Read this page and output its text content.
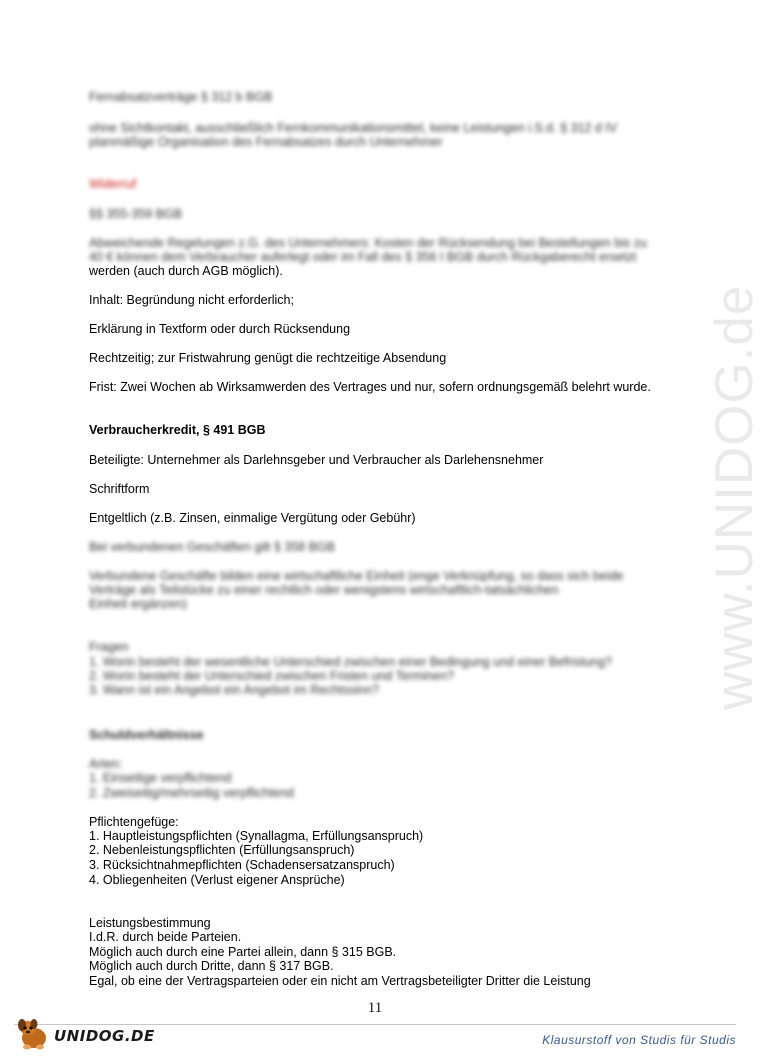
www.UNIDOG.de
Fernabsatzverträge § 312 b BGB
ohne Sichtkontakt, ausschließlich Fernkommunikationsmittel, keine Leistungen i.S.d. § 312 d IV
planmäßige Organisation des Fernabsatzes durch Unternehmer
Widerruf
§§ 355-359 BGB
Abweichende Regelungen z.G. des Unternehmers: Kosten der Rücksendung bei Bestellungen bis zu
40 € können dem Verbraucher auferlegt oder im Fall des § 356 I BGB durch Rückgaberecht ersetzt
werden (auch durch AGB möglich).
Inhalt: Begründung nicht erforderlich;
Erklärung in Textform oder durch Rücksendung
Rechtzeitig; zur Fristwahrung genügt die rechtzeitige Absendung
Frist: Zwei Wochen ab Wirksamwerden des Vertrages und nur, sofern ordnungsgemäß belehrt wurde.
Verbraucherkredit, § 491 BGB
Beteiligte: Unternehmer als Darlehnsgeber und Verbraucher als Darlehensnehmer
Schriftform
Entgeltlich (z.B. Zinsen, einmalige Vergütung oder Gebühr)
Bei verbundenen Geschäften gilt § 358 BGB
Verbundene Geschäfte bilden eine wirtschaftliche Einheit (enge Verknüpfung, so dass sich beide
Verträge als Teilstücke zu einer rechtlich oder wenigstens wirtschaftlich-tatsächlichen
Einheit ergänzen)
Fragen
1. Worin besteht der wesentliche Unterschied zwischen einer Bedingung und einer Befristung?
2. Worin besteht der Unterschied zwischen Fristen und Terminen?
3. Wann ist ein Angebot ein Angebot im Rechtssinn?
Schuldverhältnisse
Arten:
1. Einseitige verpflichtend
2. Zweiseitig/mehrseitig verpflichtend
Pflichtengefüge:
1. Hauptleistungspflichten (Synallagma, Erfüllungsanspruch)
2. Nebenleistungspflichten (Erfüllungsanspruch)
3. Rücksichtnahmepflichten (Schadensersatzanspruch)
4. Obliegenheiten (Verlust eigener Ansprüche)
Leistungsbestimmung
I.d.R. durch beide Parteien.
Möglich auch durch eine Partei allein, dann § 315 BGB.
Möglich auch durch Dritte, dann § 317 BGB.
Egal, ob eine der Vertragsparteien oder ein nicht am Vertragsbeteiligter Dritter die Leistung
11
UNIDOG.DE	Klausurstoff von Studis für Studis
